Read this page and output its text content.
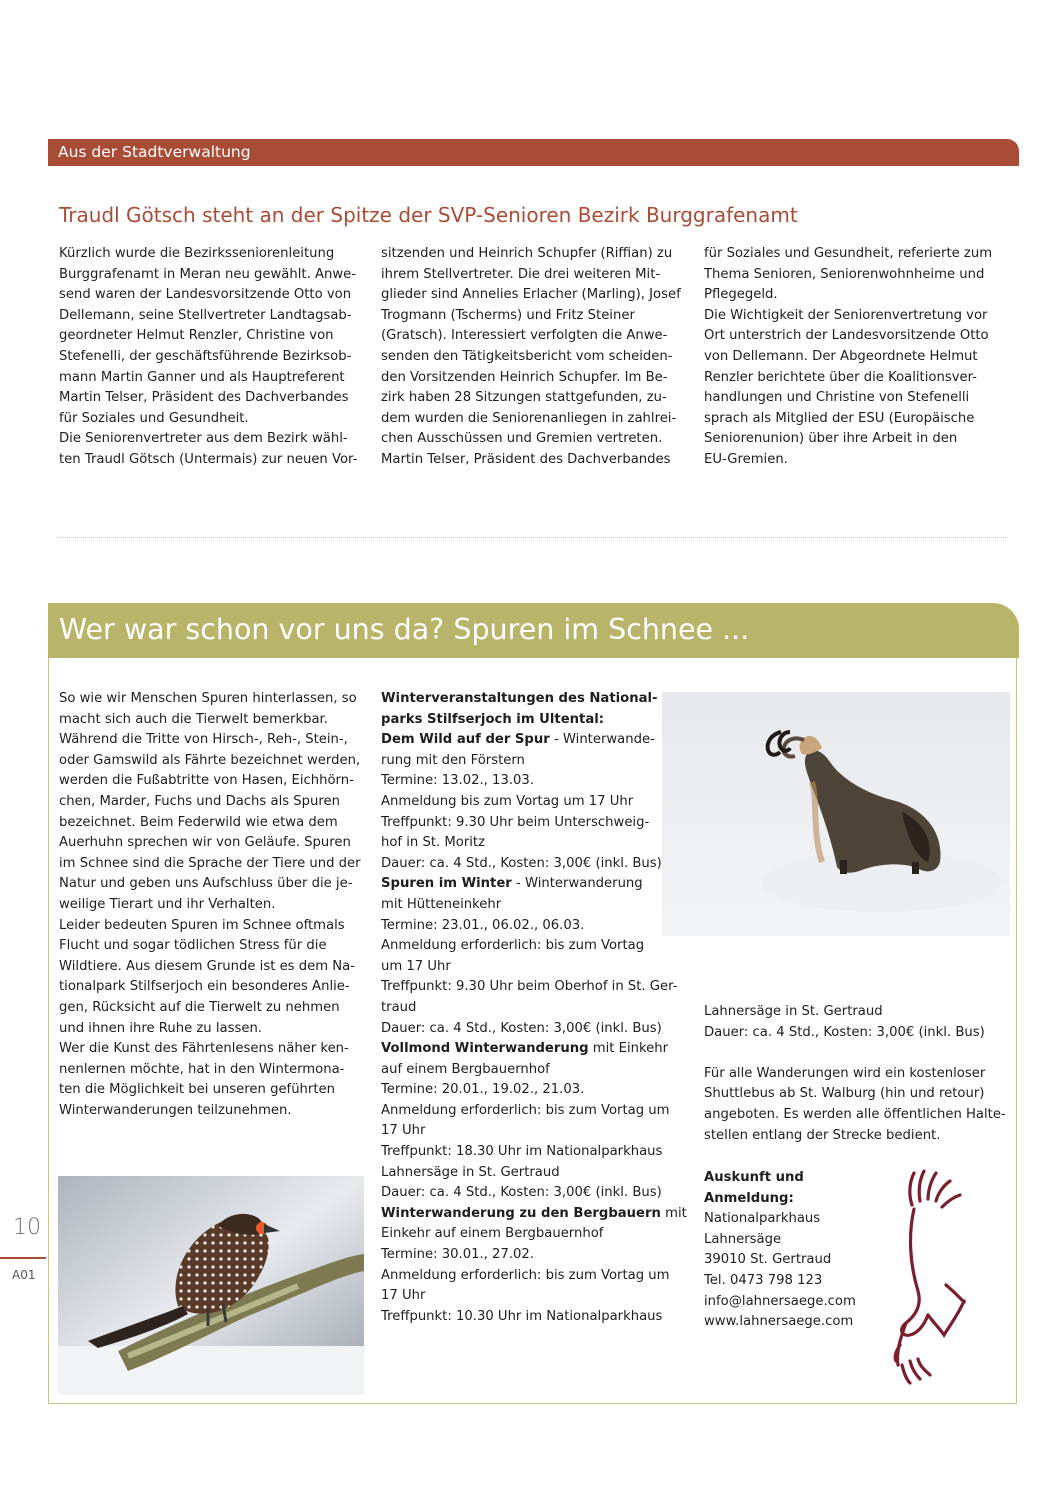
Aus der Stadtverwaltung
Traudl Götsch steht an der Spitze der SVP-Senioren Bezirk Burggrafenamt
Kürzlich wurde die Bezirksseniorenleitung
Burggrafenamt in Meran neu gewählt. Anwe-
send waren der Landesvorsitzende Otto von
Dellemann, seine Stellvertreter Landtagsab-
geordneter Helmut Renzler, Christine von
Stefenelli, der geschäftsführende Bezirksob-
mann Martin Ganner und als Hauptreferent
Martin Telser, Präsident des Dachverbandes
für Soziales und Gesundheit.
Die Seniorenvertreter aus dem Bezirk wähl-
ten Traudl Götsch (Untermais) zur neuen Vor-
sitzenden und Heinrich Schupfer (Riffian) zu
ihrem Stellvertreter. Die drei weiteren Mit-
glieder sind Annelies Erlacher (Marling), Josef
Trogmann (Tscherms) und Fritz Steiner
(Gratsch). Interessiert verfolgten die Anwe-
senden den Tätigkeitsbericht vom scheiden-
den Vorsitzenden Heinrich Schupfer. Im Be-
zirk haben 28 Sitzungen stattgefunden, zu-
dem wurden die Seniorenanliegen in zahlrei-
chen Ausschüssen und Gremien vertreten.
Martin Telser, Präsident des Dachverbandes
für Soziales und Gesundheit, referierte zum
Thema Senioren, Seniorenwohnheime und
Pflegegeld.
Die Wichtigkeit der Seniorenvertretung vor
Ort unterstrich der Landesvorsitzende Otto
von Dellemann. Der Abgeordnete Helmut
Renzler berichtete über die Koalitionsver-
handlungen und Christine von Stefenelli
sprach als Mitglied der ESU (Europäische
Seniorenunion) über ihre Arbeit in den
EU-Gremien.
Wer war schon vor uns da? Spuren im Schnee ...
So wie wir Menschen Spuren hinterlassen, so
macht sich auch die Tierwelt bemerkbar.
Während die Tritte von Hirsch-, Reh-, Stein-,
oder Gamswild als Fährte bezeichnet werden,
werden die Fußabtritte von Hasen, Eichhörn-
chen, Marder, Fuchs und Dachs als Spuren
bezeichnet. Beim Federwild wie etwa dem
Auerhuhn sprechen wir von Geläufe. Spuren
im Schnee sind die Sprache der Tiere und der
Natur und geben uns Aufschluss über die je-
weilige Tierart und ihr Verhalten.
Leider bedeuten Spuren im Schnee oftmals
Flucht und sogar tödlichen Stress für die
Wildtiere. Aus diesem Grunde ist es dem Na-
tionalpark Stilfserjoch ein besonderes Anlie-
gen, Rücksicht auf die Tierwelt zu nehmen
und ihnen ihre Ruhe zu lassen.
Wer die Kunst des Fährtenlesens näher ken-
nenlernen möchte, hat in den Wintermona-
ten die Möglichkeit bei unseren geführten
Winterwanderungen teilzunehmen.
Winterveranstaltungen des National-
parks Stilfserjoch im Ultental:
Dem Wild auf der Spur - Winterwande-
rung mit den Förstern
Termine: 13.02., 13.03.
Anmeldung bis zum Vortag um 17 Uhr
Treffpunkt: 9.30 Uhr beim Unterschweig-
hof in St. Moritz
Dauer: ca. 4 Std., Kosten: 3,00€ (inkl. Bus)
Spuren im Winter - Winterwanderung
mit Hütteneinkehr
Termine: 23.01., 06.02., 06.03.
Anmeldung erforderlich: bis zum Vortag
um 17 Uhr
Treffpunkt: 9.30 Uhr beim Oberhof in St. Ger-
traud
Dauer: ca. 4 Std., Kosten: 3,00€ (inkl. Bus)
Vollmond Winterwanderung mit Einkehr
auf einem Bergbauernhof
Termine: 20.01., 19.02., 21.03.
Anmeldung erforderlich: bis zum Vortag um
17 Uhr
Treffpunkt: 18.30 Uhr im Nationalparkhaus
Lahnersäge in St. Gertraud
Dauer: ca. 4 Std., Kosten: 3,00€ (inkl. Bus)
Winterwanderung zu den Bergbauern mit
Einkehr auf einem Bergbauernhof
Termine: 30.01., 27.02.
Anmeldung erforderlich: bis zum Vortag um
17 Uhr
Treffpunkt: 10.30 Uhr im Nationalparkhaus
Lahnersäge in St. Gertraud
Dauer: ca. 4 Std., Kosten: 3,00€ (inkl. Bus)

Für alle Wanderungen wird ein kostenloser
Shuttlebus ab St. Walburg (hin und retour)
angeboten. Es werden alle öffentlichen Halte-
stellen entlang der Strecke bedient.
Auskunft und
Anmeldung:
Nationalparkhaus
Lahnersäge
39010 St. Gertraud
Tel. 0473 798 123
info@lahnersaege.com
www.lahnersaege.com
10
A01
